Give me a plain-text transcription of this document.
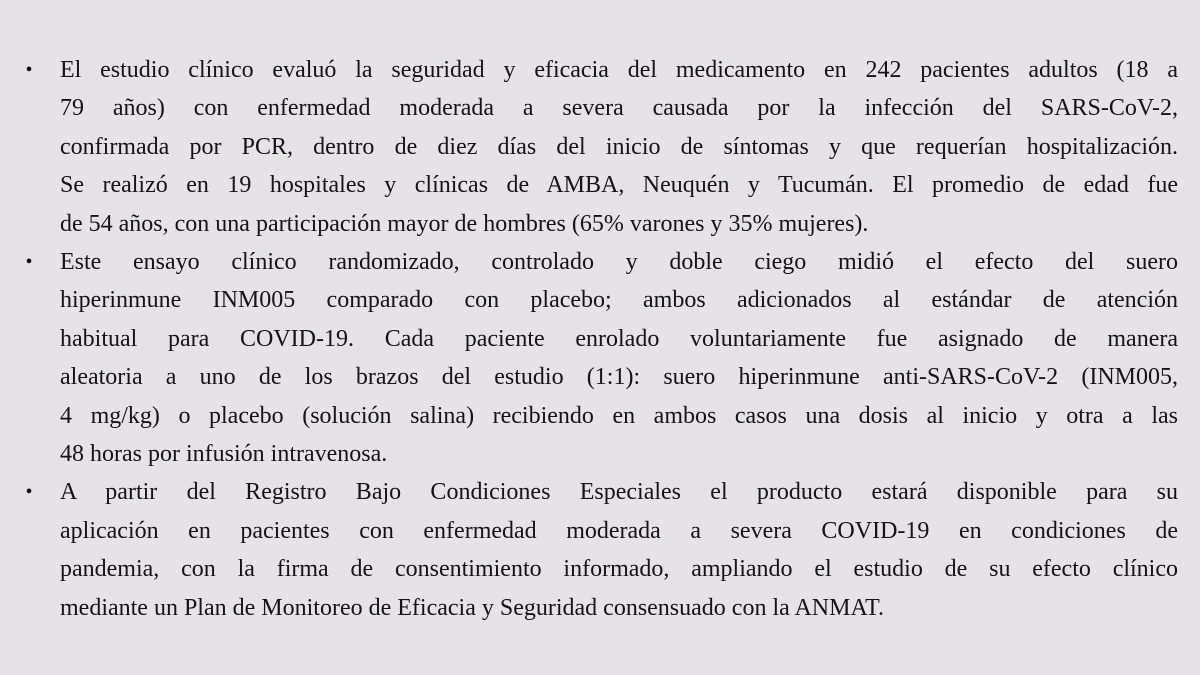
• El estudio clínico evaluó la seguridad y eficacia del medicamento en 242 pacientes adultos (18 a
79 años) con enfermedad moderada a severa causada por la infección del SARS-CoV-2,
confirmada por PCR, dentro de diez días del inicio de síntomas y que requerían hospitalización.
Se realizó en 19 hospitales y clínicas de AMBA, Neuquén y Tucumán. El promedio de edad fue
de 54 años, con una participación mayor de hombres (65% varones y 35% mujeres).
• Este ensayo clínico randomizado, controlado y doble ciego midió el efecto del suero
hiperinmune INM005 comparado con placebo; ambos adicionados al estándar de atención
habitual para COVID-19. Cada paciente enrolado voluntariamente fue asignado de manera
aleatoria a uno de los brazos del estudio (1:1): suero hiperinmune anti-SARS-CoV-2 (INM005,
4 mg/kg) o placebo (solución salina) recibiendo en ambos casos una dosis al inicio y otra a las
48 horas por infusión intravenosa.
• A partir del Registro Bajo Condiciones Especiales el producto estará disponible para su
aplicación en pacientes con enfermedad moderada a severa COVID-19 en condiciones de
pandemia, con la firma de consentimiento informado, ampliando el estudio de su efecto clínico
mediante un Plan de Monitoreo de Eficacia y Seguridad consensuado con la ANMAT.
